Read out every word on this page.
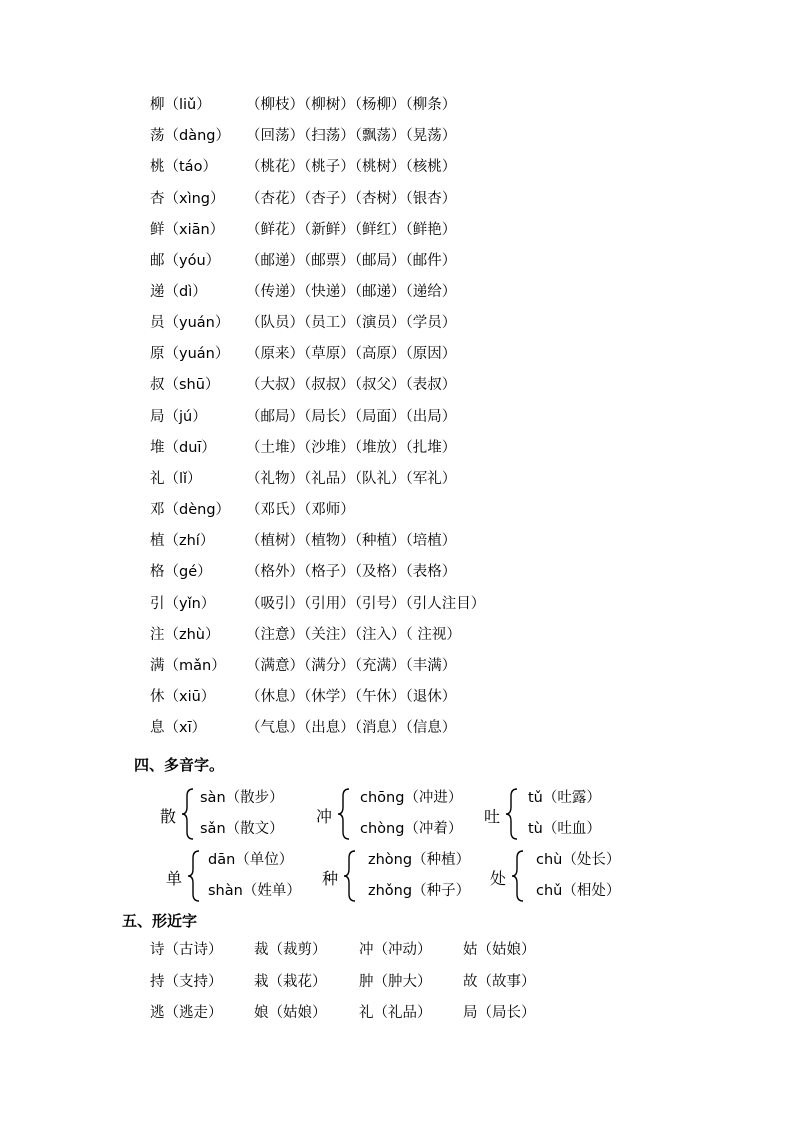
柳（liǔ） （柳枝）（柳树）（杨柳）（柳条）
荡（dàng） （回荡）（扫荡）（飘荡）（晃荡）
桃（táo） （桃花）（桃子）（桃树）（核桃）
杏（xìng） （杏花）（杏子）（杏树）（银杏）
鲜（xiān） （鲜花）（新鲜）（鲜红）（鲜艳）
邮（yóu） （邮递）（邮票）（邮局）（邮件）
递（dì）	（传递）（快递）（邮递）（递给）
员（yuán） （队员）（员工）（演员）（学员）
原（yuán） （原来）（草原）（高原）（原因）
叔（shū） （大叔）（叔叔）（叔父）（表叔）
局（jú）	（邮局）（局长）（局面）（出局）
堆（duī） （土堆）（沙堆）（堆放）（扎堆）
礼（lǐ）	（礼物）（礼品）（队礼）（军礼）
邓（dèng） （邓氏）（邓师）
植（zhí） （植树）（植物）（种植）（培植）
格（gé） （格外）（格子）（及格）（表格）
引（yǐn） （吸引）（引用）（引号）（引人注目）
注（zhù） （注意）（关注）（注入）（ 注视）
满（mǎn） （满意）（满分）（充满）（丰满）
休（xiū） （休息）（休学）（午休）（退休）
息（xī）	（气息）（出息）（消息）（信息）
四、多音字。
散
sàn（散步）
sǎn（散文）
冲
chōng（冲进）
chòng（冲着）
吐
tǔ（吐露）
tù（吐血）
单
dān（单位）
shàn（姓单）
种
zhòng（种植）
zhǒng（种子）
处
chù（处长）
chǔ（相处）
五、形近字
诗（古诗） 裁（裁剪） 冲（冲动） 姑（姑娘）
持（支持） 栽（栽花） 肿（肿大） 故（故事）
逃（逃走） 娘（姑娘） 礼（礼品） 局（局长）
